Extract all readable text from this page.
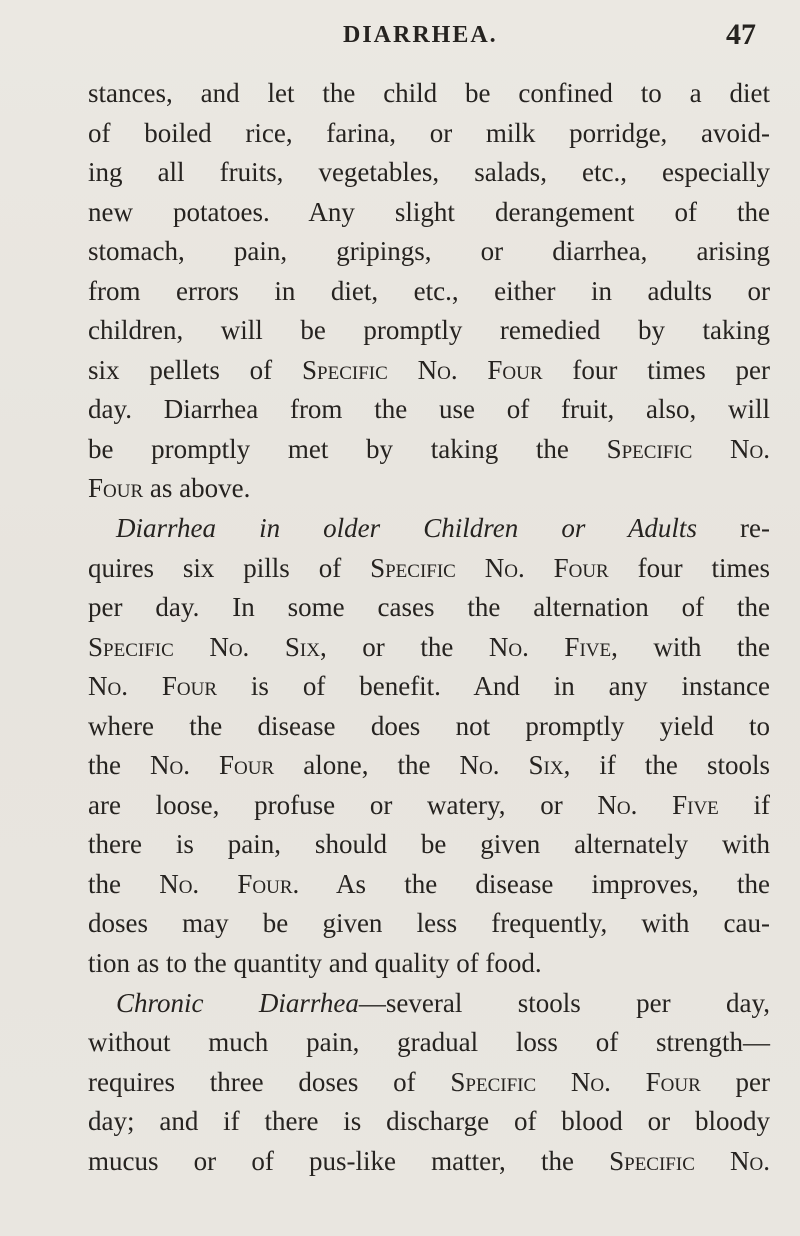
DIARRHEA.	47
stances, and let the child be confined to a diet
of boiled rice, farina, or milk porridge, avoid-
ing all fruits, vegetables, salads, etc., especially
new potatoes. Any slight derangement of the
stomach, pain, gripings, or diarrhea, arising
from errors in diet, etc., either in adults or
children, will be promptly remedied by taking
six pellets of Specific No. Four four times per
day. Diarrhea from the use of fruit, also, will
be promptly met by taking the Specific No.
Four as above.
Diarrhea in older Children or Adults re-
quires six pills of Specific No. Four four times
per day. In some cases the alternation of the
Specific No. Six, or the No. Five, with the
No. Four is of benefit. And in any instance
where the disease does not promptly yield to
the No. Four alone, the No. Six, if the stools
are loose, profuse or watery, or No. Five if
there is pain, should be given alternately with
the No. Four. As the disease improves, the
doses may be given less frequently, with cau-
tion as to the quantity and quality of food.
Chronic Diarrhea—several stools per day,
without much pain, gradual loss of strength—
requires three doses of Specific No. Four per
day; and if there is discharge of blood or bloody
mucus or of pus-like matter, the Specific No.
